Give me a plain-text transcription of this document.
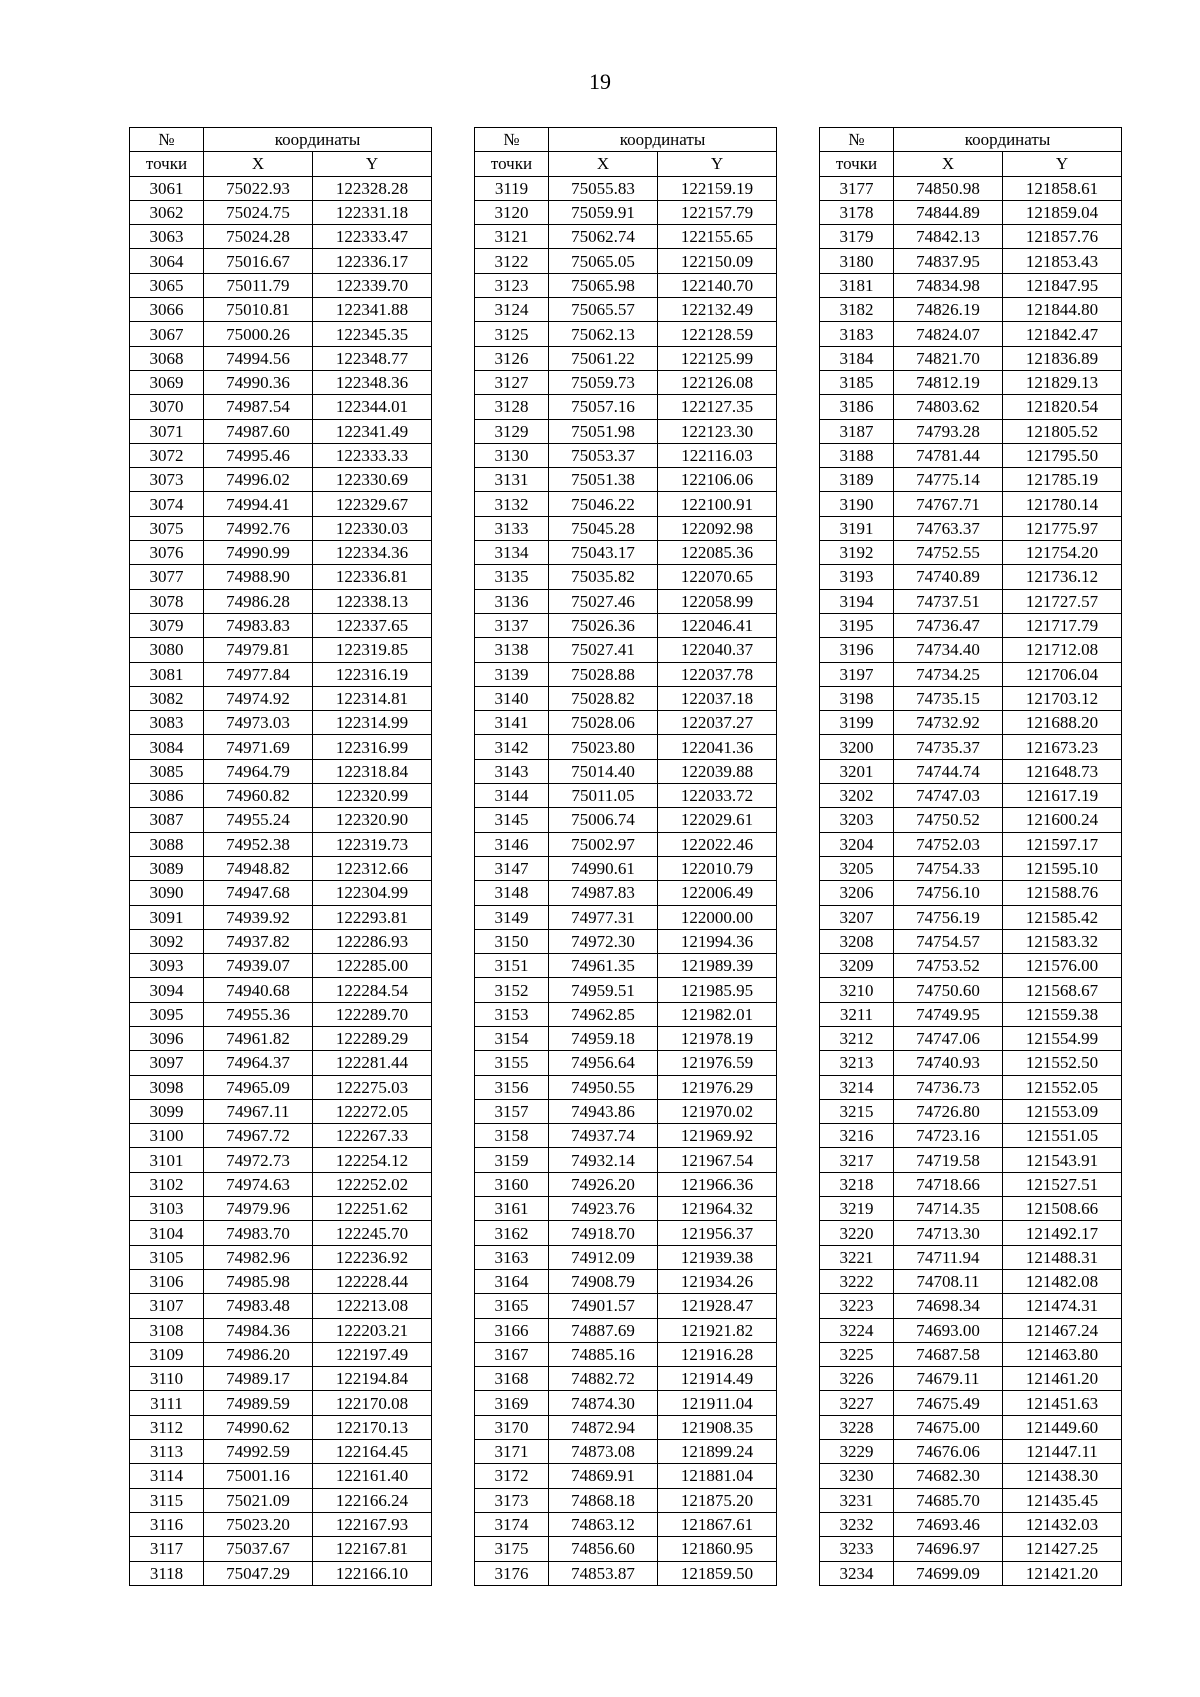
19
№	координаты	
точки	X	Y
3061	75022.93	122328.28
3062	75024.75	122331.18
3063	75024.28	122333.47
3064	75016.67	122336.17
3065	75011.79	122339.70
3066	75010.81	122341.88
3067	75000.26	122345.35
3068	74994.56	122348.77
3069	74990.36	122348.36
3070	74987.54	122344.01
3071	74987.60	122341.49
3072	74995.46	122333.33
3073	74996.02	122330.69
3074	74994.41	122329.67
3075	74992.76	122330.03
3076	74990.99	122334.36
3077	74988.90	122336.81
3078	74986.28	122338.13
3079	74983.83	122337.65
3080	74979.81	122319.85
3081	74977.84	122316.19
3082	74974.92	122314.81
3083	74973.03	122314.99
3084	74971.69	122316.99
3085	74964.79	122318.84
3086	74960.82	122320.99
3087	74955.24	122320.90
3088	74952.38	122319.73
3089	74948.82	122312.66
3090	74947.68	122304.99
3091	74939.92	122293.81
3092	74937.82	122286.93
3093	74939.07	122285.00
3094	74940.68	122284.54
3095	74955.36	122289.70
3096	74961.82	122289.29
3097	74964.37	122281.44
3098	74965.09	122275.03
3099	74967.11	122272.05
3100	74967.72	122267.33
3101	74972.73	122254.12
3102	74974.63	122252.02
3103	74979.96	122251.62
3104	74983.70	122245.70
3105	74982.96	122236.92
3106	74985.98	122228.44
3107	74983.48	122213.08
3108	74984.36	122203.21
3109	74986.20	122197.49
3110	74989.17	122194.84
3111	74989.59	122170.08
3112	74990.62	122170.13
3113	74992.59	122164.45
3114	75001.16	122161.40
3115	75021.09	122166.24
3116	75023.20	122167.93
3117	75037.67	122167.81
3118	75047.29	122166.10
№	координаты	
точки	X	Y
3119	75055.83	122159.19
3120	75059.91	122157.79
3121	75062.74	122155.65
3122	75065.05	122150.09
3123	75065.98	122140.70
3124	75065.57	122132.49
3125	75062.13	122128.59
3126	75061.22	122125.99
3127	75059.73	122126.08
3128	75057.16	122127.35
3129	75051.98	122123.30
3130	75053.37	122116.03
3131	75051.38	122106.06
3132	75046.22	122100.91
3133	75045.28	122092.98
3134	75043.17	122085.36
3135	75035.82	122070.65
3136	75027.46	122058.99
3137	75026.36	122046.41
3138	75027.41	122040.37
3139	75028.88	122037.78
3140	75028.82	122037.18
3141	75028.06	122037.27
3142	75023.80	122041.36
3143	75014.40	122039.88
3144	75011.05	122033.72
3145	75006.74	122029.61
3146	75002.97	122022.46
3147	74990.61	122010.79
3148	74987.83	122006.49
3149	74977.31	122000.00
3150	74972.30	121994.36
3151	74961.35	121989.39
3152	74959.51	121985.95
3153	74962.85	121982.01
3154	74959.18	121978.19
3155	74956.64	121976.59
3156	74950.55	121976.29
3157	74943.86	121970.02
3158	74937.74	121969.92
3159	74932.14	121967.54
3160	74926.20	121966.36
3161	74923.76	121964.32
3162	74918.70	121956.37
3163	74912.09	121939.38
3164	74908.79	121934.26
3165	74901.57	121928.47
3166	74887.69	121921.82
3167	74885.16	121916.28
3168	74882.72	121914.49
3169	74874.30	121911.04
3170	74872.94	121908.35
3171	74873.08	121899.24
3172	74869.91	121881.04
3173	74868.18	121875.20
3174	74863.12	121867.61
3175	74856.60	121860.95
3176	74853.87	121859.50
№	координаты	
точки	X	Y
3177	74850.98	121858.61
3178	74844.89	121859.04
3179	74842.13	121857.76
3180	74837.95	121853.43
3181	74834.98	121847.95
3182	74826.19	121844.80
3183	74824.07	121842.47
3184	74821.70	121836.89
3185	74812.19	121829.13
3186	74803.62	121820.54
3187	74793.28	121805.52
3188	74781.44	121795.50
3189	74775.14	121785.19
3190	74767.71	121780.14
3191	74763.37	121775.97
3192	74752.55	121754.20
3193	74740.89	121736.12
3194	74737.51	121727.57
3195	74736.47	121717.79
3196	74734.40	121712.08
3197	74734.25	121706.04
3198	74735.15	121703.12
3199	74732.92	121688.20
3200	74735.37	121673.23
3201	74744.74	121648.73
3202	74747.03	121617.19
3203	74750.52	121600.24
3204	74752.03	121597.17
3205	74754.33	121595.10
3206	74756.10	121588.76
3207	74756.19	121585.42
3208	74754.57	121583.32
3209	74753.52	121576.00
3210	74750.60	121568.67
3211	74749.95	121559.38
3212	74747.06	121554.99
3213	74740.93	121552.50
3214	74736.73	121552.05
3215	74726.80	121553.09
3216	74723.16	121551.05
3217	74719.58	121543.91
3218	74718.66	121527.51
3219	74714.35	121508.66
3220	74713.30	121492.17
3221	74711.94	121488.31
3222	74708.11	121482.08
3223	74698.34	121474.31
3224	74693.00	121467.24
3225	74687.58	121463.80
3226	74679.11	121461.20
3227	74675.49	121451.63
3228	74675.00	121449.60
3229	74676.06	121447.11
3230	74682.30	121438.30
3231	74685.70	121435.45
3232	74693.46	121432.03
3233	74696.97	121427.25
3234	74699.09	121421.20
